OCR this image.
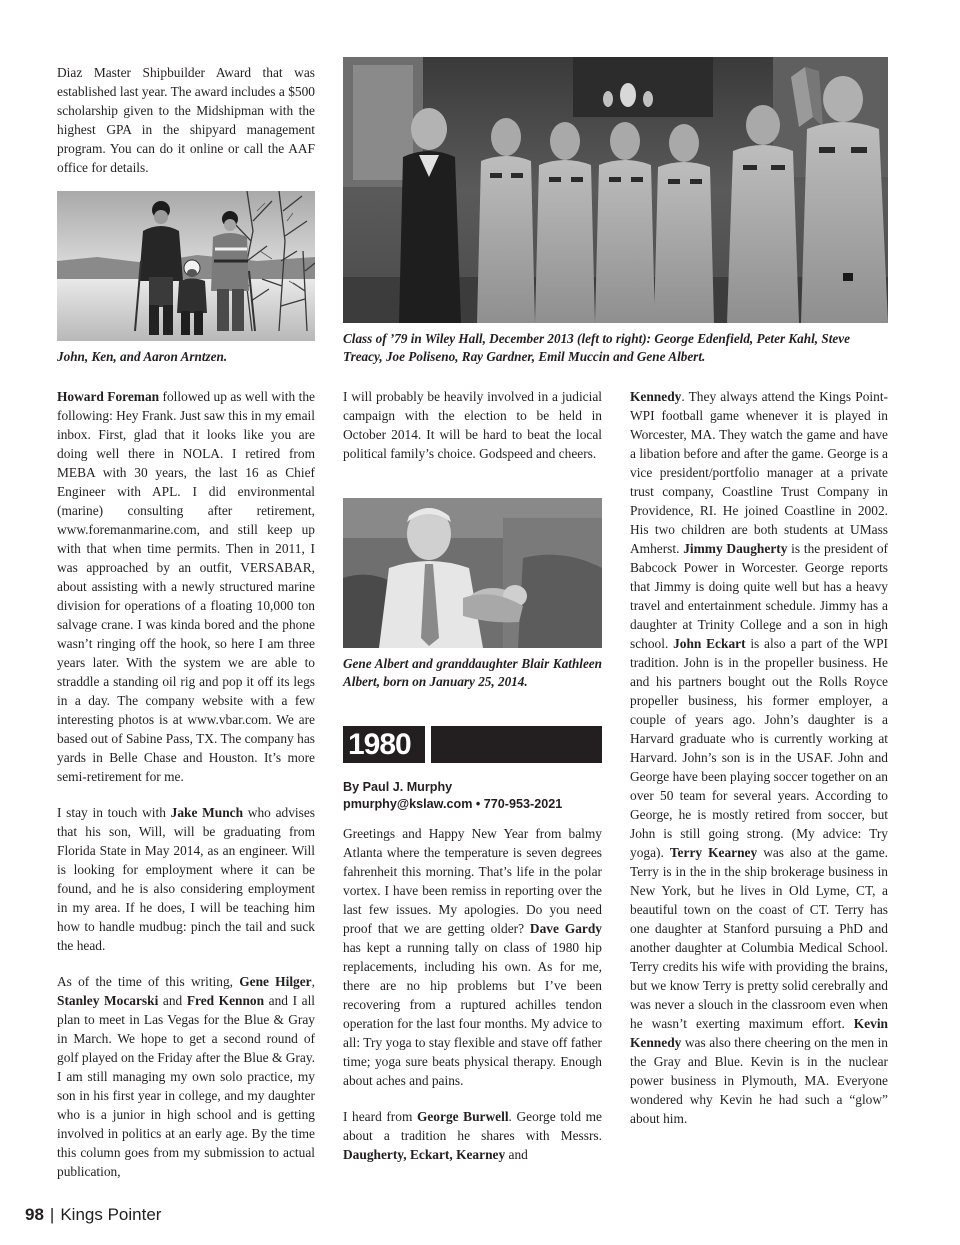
Diaz Master Shipbuilder Award that was established last year. The award includes a $500 scholarship given to the Midshipman with the highest GPA in the shipyard management program. You can do it online or call the AAF office for details.

John, Ken, and Aaron Arntzen.

Class of ’79 in Wiley Hall, December 2013 (left to right): George Edenfield, Peter Kahl, Steve Treacy, Joe Poliseno, Ray Gardner, Emil Muccin and Gene Albert.

Gene Albert and granddaughter Blair Kathleen Albert, born on January 25, 2014.

Howard Foreman followed up as well with the following: Hey Frank. Just saw this in my email inbox. First, glad that it looks like you are doing well there in NOLA. I retired from MEBA with 30 years, the last 16 as Chief Engineer with APL. I did environmental (marine) consulting after retirement, www.foremanmarine.com, and still keep up with that when time permits. Then in 2011, I was approached by an outfit, VERSABAR, about assisting with a newly structured marine division for operations of a floating 10,000 ton salvage crane. I was kinda bored and the phone wasn’t ringing off the hook, so here I am three years later. With the system we are able to straddle a standing oil rig and pop it off its legs in a day. The company website with a few interesting photos is at www.vbar.com. We are based out of Sabine Pass, TX. The company has yards in Belle Chase and Houston. It’s more semi-retirement for me.

I stay in touch with Jake Munch who advises that his son, Will, will be graduating from Florida State in May 2014, as an engineer. Will is looking for employment where it can be found, and he is also considering employment in my area. If he does, I will be teaching him how to handle mudbug: pinch the tail and suck the head.

As of the time of this writing, Gene Hilger, Stanley Mocarski and Fred Kennon and I all plan to meet in Las Vegas for the Blue & Gray in March. We hope to get a second round of golf played on the Friday after the Blue & Gray. I am still managing my own solo practice, my son in his first year in college, and my daughter who is a junior in high school and is getting involved in politics at an early age. By the time this column goes from my submission to actual publication,

I will probably be heavily involved in a judicial campaign with the election to be held in October 2014. It will be hard to beat the local political family’s choice. Godspeed and cheers.

1980
By Paul J. Murphy
pmurphy@kslaw.com • 770-953-2021

Greetings and Happy New Year from balmy Atlanta where the temperature is seven degrees fahrenheit this morning. That’s life in the polar vortex. I have been remiss in reporting over the last few issues. My apologies. Do you need proof that we are getting older? Dave Gardy has kept a running tally on class of 1980 hip replacements, including his own. As for me, there are no hip problems but I’ve been recovering from a ruptured achilles tendon operation for the last four months. My advice to all: Try yoga to stay flexible and stave off father time; yoga sure beats physical therapy. Enough about aches and pains.

I heard from George Burwell. George told me about a tradition he shares with Messrs. Daugherty, Eckart, Kearney and

Kennedy. They always attend the Kings Point-WPI football game whenever it is played in Worcester, MA. They watch the game and have a libation before and after the game. George is a vice president/portfolio manager at a private trust company, Coastline Trust Company in Providence, RI. He joined Coastline in 2002. His two children are both students at UMass Amherst. Jimmy Daugherty is the president of Babcock Power in Worcester. George reports that Jimmy is doing quite well but has a heavy travel and entertainment schedule. Jimmy has a daughter at Trinity College and a son in high school. John Eckart is also a part of the WPI tradition. John is in the propeller business. He and his partners bought out the Rolls Royce propeller business, his former employer, a couple of years ago. John’s daughter is a Harvard graduate who is currently working at Harvard. John’s son is in the USAF. John and George have been playing soccer together on an over 50 team for several years. According to George, he is mostly retired from soccer, but John is still going strong. (My advice: Try yoga). Terry Kearney was also at the game. Terry is in the in the ship brokerage business in New York, but he lives in Old Lyme, CT, a beautiful town on the coast of CT. Terry has one daughter at Stanford pursuing a PhD and another daughter at Columbia Medical School. Terry credits his wife with providing the brains, but we know Terry is pretty solid cerebrally and was never a slouch in the classroom even when he wasn’t exerting maximum effort. Kevin Kennedy was also there cheering on the men in the Gray and Blue. Kevin is in the nuclear power business in Plymouth, MA. Everyone wondered why Kevin he had such a “glow” about him.

98 | Kings Pointer
